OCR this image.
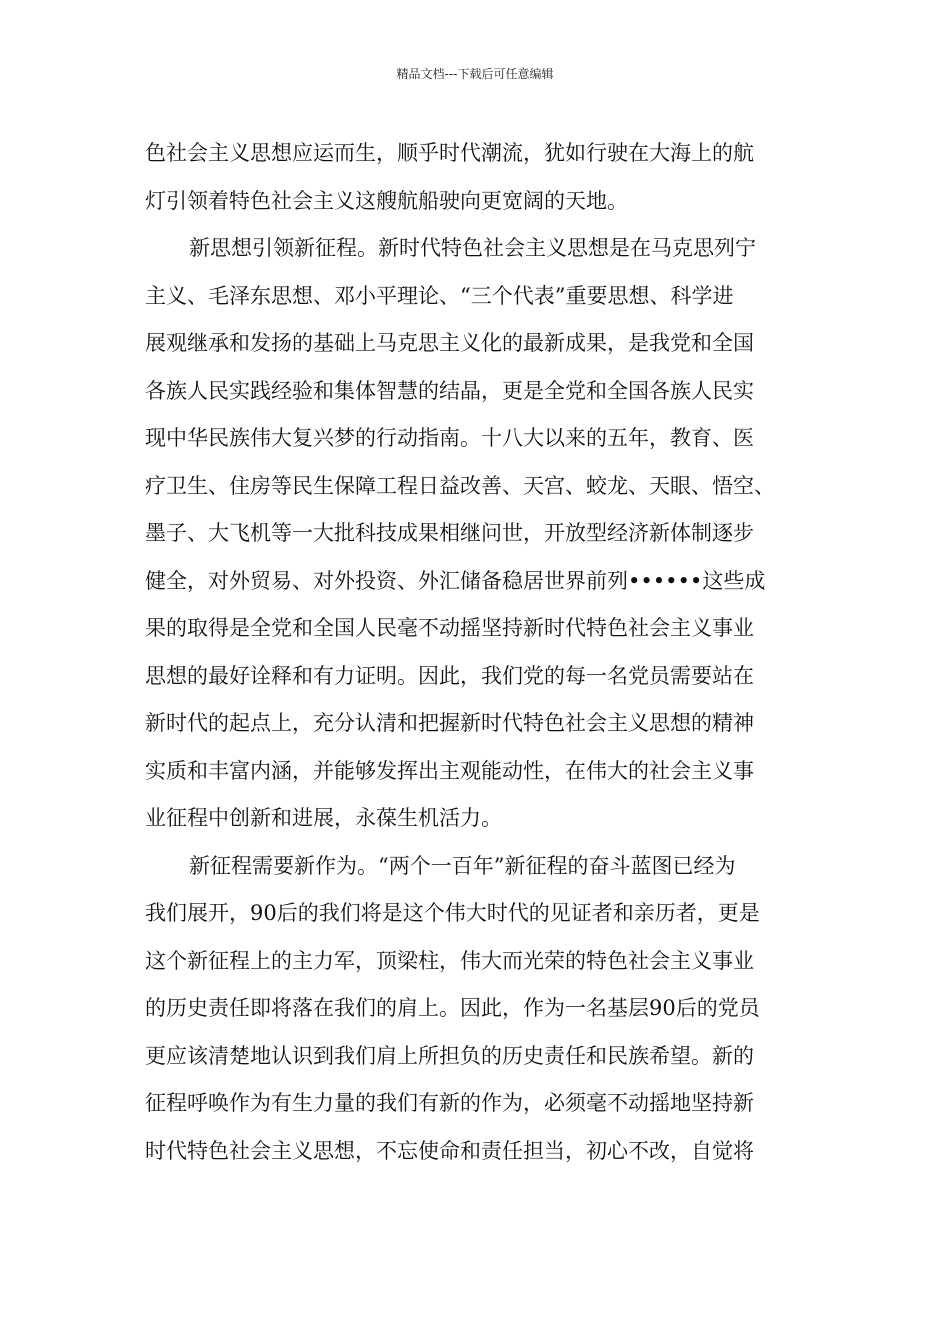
精品文档---下载后可任意编辑
色社会主义思想应运而生，顺乎时代潮流，犹如行驶在大海上的航
灯引领着特色社会主义这艘航船驶向更宽阔的天地。
新思想引领新征程。新时代特色社会主义思想是在马克思列宁
主义、毛泽东思想、邓小平理论、“三个代表”重要思想、科学进
展观继承和发扬的基础上马克思主义化的最新成果，是我党和全国
各族人民实践经验和集体智慧的结晶，更是全党和全国各族人民实
现中华民族伟大复兴梦的行动指南。十八大以来的五年，教育、医
疗卫生、住房等民生保障工程日益改善、天宫、蛟龙、天眼、悟空、
墨子、大飞机等一大批科技成果相继问世，开放型经济新体制逐步
健全，对外贸易、对外投资、外汇储备稳居世界前列••••••这些成
果的取得是全党和全国人民毫不动摇坚持新时代特色社会主义事业
思想的最好诠释和有力证明。因此，我们党的每一名党员需要站在
新时代的起点上，充分认清和把握新时代特色社会主义思想的精神
实质和丰富内涵，并能够发挥出主观能动性，在伟大的社会主义事
业征程中创新和进展，永葆生机活力。
新征程需要新作为。“两个一百年”新征程的奋斗蓝图已经为
我们展开，90后的我们将是这个伟大时代的见证者和亲历者，更是
这个新征程上的主力军，顶梁柱，伟大而光荣的特色社会主义事业
的历史责任即将落在我们的肩上。因此，作为一名基层90后的党员
更应该清楚地认识到我们肩上所担负的历史责任和民族希望。新的
征程呼唤作为有生力量的我们有新的作为，必须毫不动摇地坚持新
时代特色社会主义思想，不忘使命和责任担当，初心不改，自觉将
